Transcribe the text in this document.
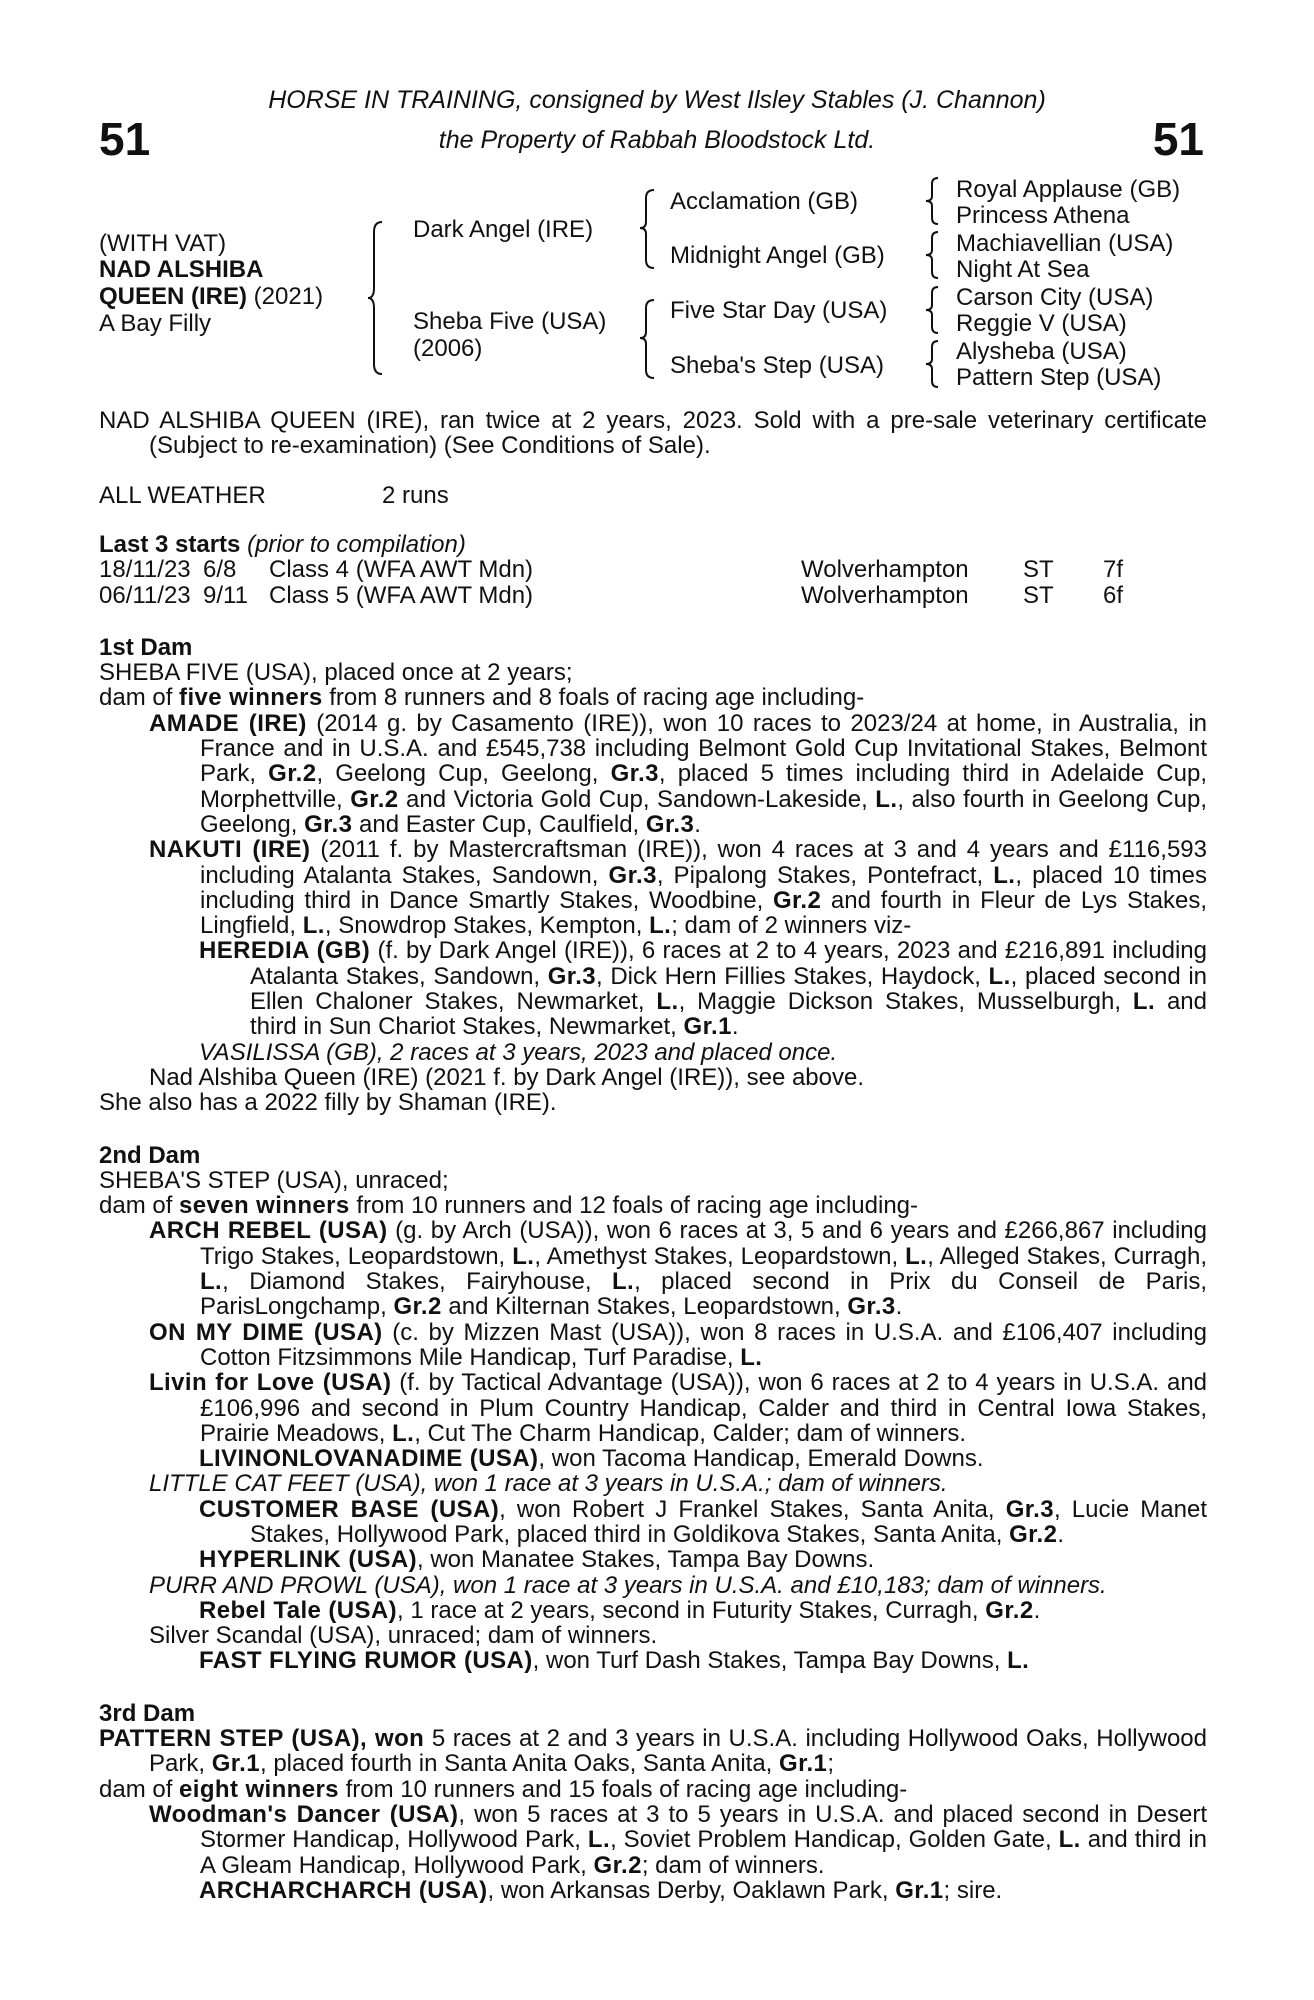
51	51
HORSE IN TRAINING, consigned by West Ilsley Stables (J. Channon)
the Property of Rabbah Bloodstock Ltd.
(WITH VAT)
NAD ALSHIBA
QUEEN (IRE) (2021)
A Bay Filly
Dark Angel (IRE)
Sheba Five (USA)
(2006)
Acclamation (GB)
Midnight Angel (GB)
Five Star Day (USA)
Sheba's Step (USA)
Royal Applause (GB)
Princess Athena
Machiavellian (USA)
Night At Sea
Carson City (USA)
Reggie V (USA)
Alysheba (USA)
Pattern Step (USA)

NAD ALSHIBA QUEEN (IRE), ran twice at 2 years, 2023. Sold with a pre-sale veterinary certificate (Subject to re-examination) (See Conditions of Sale).

ALL WEATHER	2 runs
Last 3 starts (prior to compilation)
18/11/23 6/8	Class 4 (WFA AWT Mdn)	Wolverhampton	ST	7f
06/11/23 9/11 Class 5 (WFA AWT Mdn)	Wolverhampton	ST	6f
1st Dam

SHEBA FIVE (USA), placed once at 2 years;

dam of five winners from 8 runners and 8 foals of racing age including-

AMADE (IRE) (2014 g. by Casamento (IRE)), won 10 races to 2023/24 at home, in Australia, in France and in U.S.A. and £545,738 including Belmont Gold Cup Invitational Stakes, Belmont Park, Gr.2, Geelong Cup, Geelong, Gr.3, placed 5 times including third in Adelaide Cup, Morphettville, Gr.2 and Victoria Gold Cup, Sandown-Lakeside, L., also fourth in Geelong Cup, Geelong, Gr.3 and Easter Cup, Caulfield, Gr.3.

NAKUTI (IRE) (2011 f. by Mastercraftsman (IRE)), won 4 races at 3 and 4 years and £116,593 including Atalanta Stakes, Sandown, Gr.3, Pipalong Stakes, Pontefract, L., placed 10 times including third in Dance Smartly Stakes, Woodbine, Gr.2 and fourth in Fleur de Lys Stakes, Lingfield, L., Snowdrop Stakes, Kempton, L.; dam of 2 winners viz-

HEREDIA (GB) (f. by Dark Angel (IRE)), 6 races at 2 to 4 years, 2023 and £216,891 including Atalanta Stakes, Sandown, Gr.3, Dick Hern Fillies Stakes, Haydock, L., placed second in Ellen Chaloner Stakes, Newmarket, L., Maggie Dickson Stakes, Musselburgh, L. and third in Sun Chariot Stakes, Newmarket, Gr.1.

VASILISSA (GB), 2 races at 3 years, 2023 and placed once.

Nad Alshiba Queen (IRE) (2021 f. by Dark Angel (IRE)), see above.

She also has a 2022 filly by Shaman (IRE).

2nd Dam

SHEBA'S STEP (USA), unraced;

dam of seven winners from 10 runners and 12 foals of racing age including-

ARCH REBEL (USA) (g. by Arch (USA)), won 6 races at 3, 5 and 6 years and £266,867 including Trigo Stakes, Leopardstown, L., Amethyst Stakes, Leopardstown, L., Alleged Stakes, Curragh, L., Diamond Stakes, Fairyhouse, L., placed second in Prix du Conseil de Paris, ParisLongchamp, Gr.2 and Kilternan Stakes, Leopardstown, Gr.3.

ON MY DIME (USA) (c. by Mizzen Mast (USA)), won 8 races in U.S.A. and £106,407 including Cotton Fitzsimmons Mile Handicap, Turf Paradise, L.

Livin for Love (USA) (f. by Tactical Advantage (USA)), won 6 races at 2 to 4 years in U.S.A. and £106,996 and second in Plum Country Handicap, Calder and third in Central Iowa Stakes, Prairie Meadows, L., Cut The Charm Handicap, Calder; dam of winners.

LIVINONLOVANADIME (USA), won Tacoma Handicap, Emerald Downs.

LITTLE CAT FEET (USA), won 1 race at 3 years in U.S.A.; dam of winners.

CUSTOMER BASE (USA), won Robert J Frankel Stakes, Santa Anita, Gr.3, Lucie Manet Stakes, Hollywood Park, placed third in Goldikova Stakes, Santa Anita, Gr.2.

HYPERLINK (USA), won Manatee Stakes, Tampa Bay Downs.

PURR AND PROWL (USA), won 1 race at 3 years in U.S.A. and £10,183; dam of winners.

Rebel Tale (USA), 1 race at 2 years, second in Futurity Stakes, Curragh, Gr.2.

Silver Scandal (USA), unraced; dam of winners.

FAST FLYING RUMOR (USA), won Turf Dash Stakes, Tampa Bay Downs, L.

3rd Dam

PATTERN STEP (USA), won 5 races at 2 and 3 years in U.S.A. including Hollywood Oaks, Hollywood Park, Gr.1, placed fourth in Santa Anita Oaks, Santa Anita, Gr.1;

dam of eight winners from 10 runners and 15 foals of racing age including-

Woodman's Dancer (USA), won 5 races at 3 to 5 years in U.S.A. and placed second in Desert Stormer Handicap, Hollywood Park, L., Soviet Problem Handicap, Golden Gate, L. and third in A Gleam Handicap, Hollywood Park, Gr.2; dam of winners.

ARCHARCHARCH (USA), won Arkansas Derby, Oaklawn Park, Gr.1; sire.
